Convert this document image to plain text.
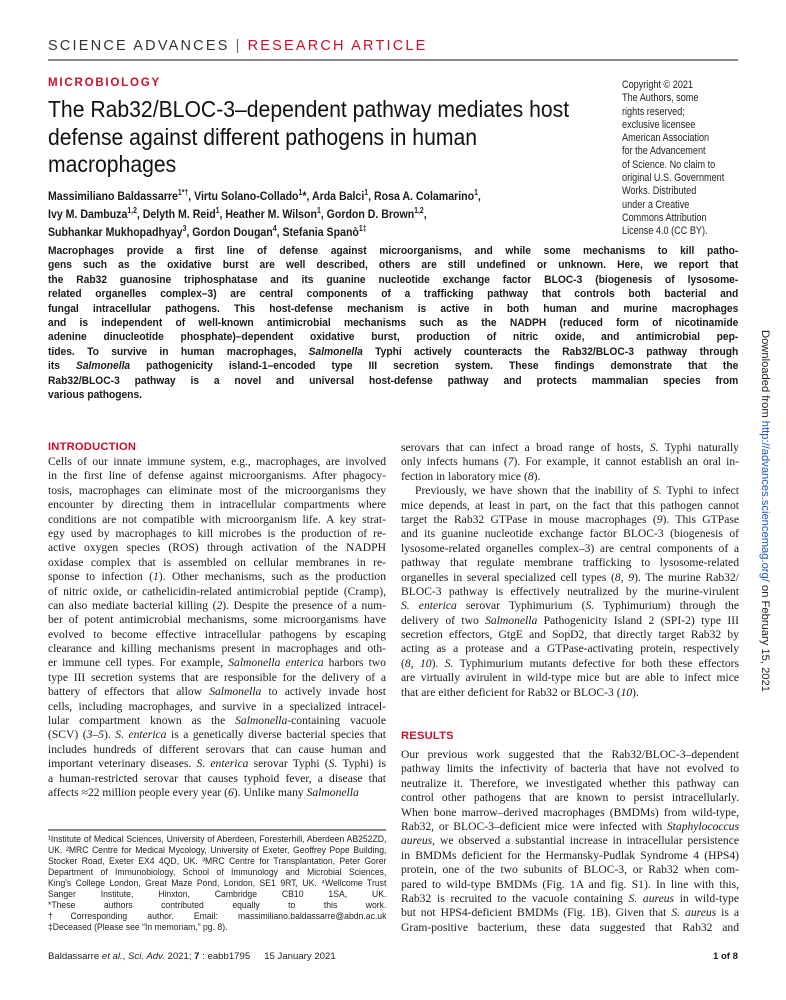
SCIENCE ADVANCES | RESEARCH ARTICLE
MICROBIOLOGY
The Rab32/BLOC-3–dependent pathway mediates host
defense against different pathogens in human
macrophages
Massimiliano Baldassarre$^{1*\dagger}$, Virtu Solano-Collado$^1$*, Arda Balci$^1$, Rosa A. Colamarino$^1$,
Ivy M. Dambuza$^{1,2}$, Delyth M. Reid$^1$, Heather M. Wilson$^1$, Gordon D. Brown$^{1,2}$,
Subhankar Mukhopadhyay$^3$, Gordon Dougan$^4$, Stefania Spanò$^{1\ddagger}$
Copyright © 2021
The Authors, some
rights reserved;
exclusive licensee
American Association
for the Advancement
of Science. No claim to
original U.S. Government
Works. Distributed
under a Creative
Commons Attribution
License 4.0 (CC BY).
Macrophages provide a first line of defense against microorganisms, and while some mechanisms to kill patho-
gens such as the oxidative burst are well described, others are still undefined or unknown. Here, we report that
the Rab32 guanosine triphosphatase and its guanine nucleotide exchange factor BLOC-3 (biogenesis of lysosome-
related organelles complex–3) are central components of a trafficking pathway that controls both bacterial and
fungal intracellular pathogens. This host-defense mechanism is active in both human and murine macrophages
and is independent of well-known antimicrobial mechanisms such as the NADPH (reduced form of nicotinamide
adenine dinucleotide phosphate)–dependent oxidative burst, production of nitric oxide, and antimicrobial pep-
tides. To survive in human macrophages, Salmonella Typhi actively counteracts the Rab32/BLOC-3 pathway through
its Salmonella pathogenicity island-1–encoded type III secretion system. These findings demonstrate that the
Rab32/BLOC-3 pathway is a novel and universal host-defense pathway and protects mammalian species from
various pathogens.
INTRODUCTION
Cells of our innate immune system, e.g., macrophages, are involved
in the first line of defense against microorganisms. After phagocy-
tosis, macrophages can eliminate most of the microorganisms they
encounter by directing them in intracellular compartments where
conditions are not compatible with microorganism life. A key strat-
egy used by macrophages to kill microbes is the production of re-
active oxygen species (ROS) through activation of the NADPH
oxidase complex that is assembled on cellular membranes in re-
sponse to infection (1). Other mechanisms, such as the production
of nitric oxide, or cathelicidin-related antimicrobial peptide (Cramp),
can also mediate bacterial killing (2). Despite the presence of a num-
ber of potent antimicrobial mechanisms, some microorganisms have
evolved to become effective intracellular pathogens by escaping
clearance and killing mechanisms present in macrophages and oth-
er immune cell types. For example, Salmonella enterica harbors two
type III secretion systems that are responsible for the delivery of a
battery of effectors that allow Salmonella to actively invade host
cells, including macrophages, and survive in a specialized intracel-
lular compartment known as the Salmonella-containing vacuole
(SCV) (3–5). S. enterica is a genetically diverse bacterial species that
includes hundreds of different serovars that can cause human and
important veterinary diseases. S. enterica serovar Typhi (S. Typhi) is
a human-restricted serovar that causes typhoid fever, a disease that
affects ≈22 million people every year (6). Unlike many Salmonella
serovars that can infect a broad range of hosts, S. Typhi naturally
only infects humans (7). For example, it cannot establish an oral in-
fection in laboratory mice (8).
Previously, we have shown that the inability of S. Typhi to infect
mice depends, at least in part, on the fact that this pathogen cannot
target the Rab32 GTPase in mouse macrophages (9). This GTPase
and its guanine nucleotide exchange factor BLOC-3 (biogenesis of
lysosome-related organelles complex–3) are central components of a
pathway that regulate membrane trafficking to lysosome-related
organelles in several specialized cell types (8, 9). The murine Rab32/
BLOC-3 pathway is effectively neutralized by the murine-virulent
S. enterica serovar Typhimurium (S. Typhimurium) through the
delivery of two Salmonella Pathogenicity Island 2 (SPI-2) type III
secretion effectors, GtgE and SopD2, that directly target Rab32 by
acting as a protease and a GTPase-activating protein, respectively
(8, 10). S. Typhimurium mutants defective for both these effectors
are virtually avirulent in wild-type mice but are able to infect mice
that are either deficient for Rab32 or BLOC-3 (10).
RESULTS
Our previous work suggested that the Rab32/BLOC-3–dependent
pathway limits the infectivity of bacteria that have not evolved to
neutralize it. Therefore, we investigated whether this pathway can
control other pathogens that are known to persist intracellularly.
When bone marrow–derived macrophages (BMDMs) from wild-type,
Rab32, or BLOC-3–deficient mice were infected with Staphylococcus
aureus, we observed a substantial increase in intracellular persistence
in BMDMs deficient for the Hermansky-Pudlak Syndrome 4 (HPS4)
protein, one of the two subunits of BLOC-3, or Rab32 when com-
pared to wild-type BMDMs (Fig. 1A and fig. S1). In line with this,
Rab32 is recruited to the vacuole containing S. aureus in wild-type
but not HPS4-deficient BMDMs (Fig. 1B). Given that S. aureus is a
Gram-positive bacterium, these data suggested that Rab32 and
¹Institute of Medical Sciences, University of Aberdeen, Foresterhill, Aberdeen AB252ZD,
UK. ²MRC Centre for Medical Mycology, University of Exeter, Geoffrey Pope Building,
Stocker Road, Exeter EX4 4QD, UK. ³MRC Centre for Transplantation, Peter Gorer
Department of Immunobiology, School of Immunology and Microbial Sciences,
King's College London, Great Maze Pond, London, SE1 9RT, UK. ⁴Wellcome Trust
Sanger Institute, Hinxton, Cambridge CB10 1SA, UK.
*These authors contributed equally to this work.
†Corresponding author. Email: massimiliano.baldassarre@abdn.ac.uk
‡Deceased (Please see “In memoriam,” pg. 8).
Baldassarre et al., Sci. Adv. 2021; 7 : eabb1795 15 January 2021	1 of 8
Downloaded from http://advances.sciencemag.org/ on February 15, 2021
